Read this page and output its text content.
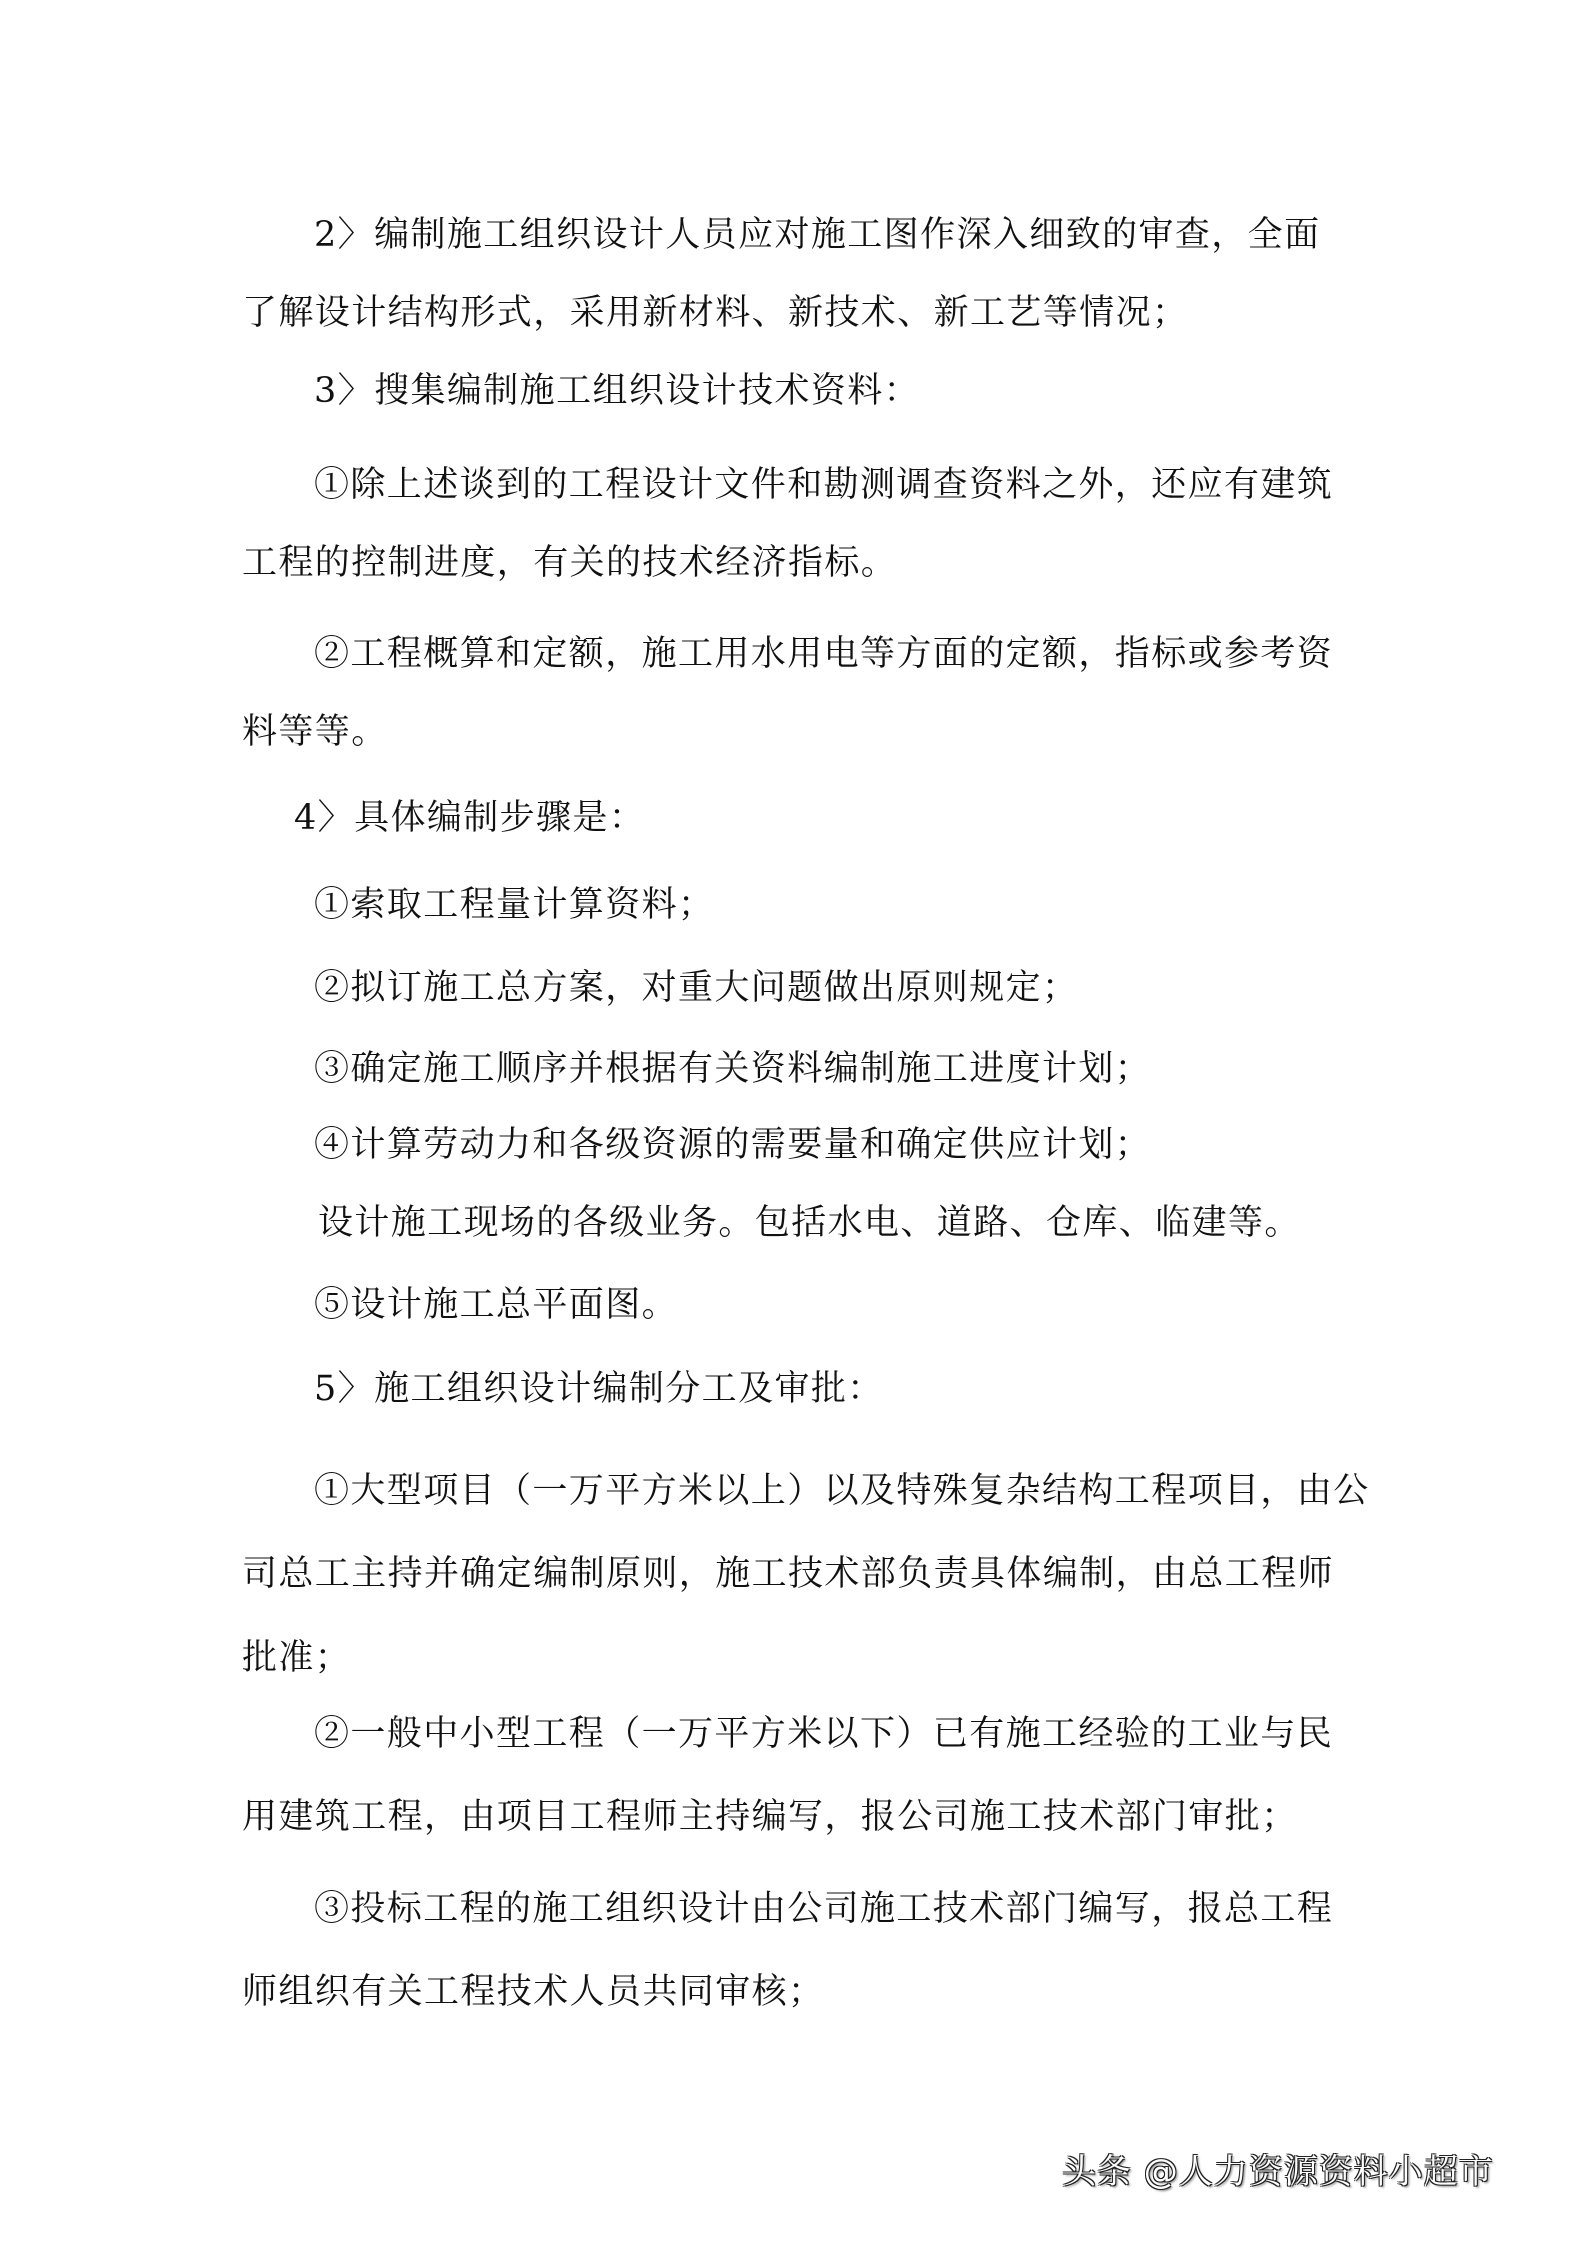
2〉编制施工组织设计人员应对施工图作深入细致的审查，全面
了解设计结构形式，采用新材料、新技术、新工艺等情况；
3〉搜集编制施工组织设计技术资料：
①除上述谈到的工程设计文件和勘测调查资料之外，还应有建筑
工程的控制进度，有关的技术经济指标。
②工程概算和定额，施工用水用电等方面的定额，指标或参考资
料等等。
4〉具体编制步骤是：
①索取工程量计算资料；
②拟订施工总方案，对重大问题做出原则规定；
③确定施工顺序并根据有关资料编制施工进度计划；
④计算劳动力和各级资源的需要量和确定供应计划；
设计施工现场的各级业务。包括水电、道路、仓库、临建等。
⑤设计施工总平面图。
5〉施工组织设计编制分工及审批：
①大型项目（一万平方米以上）以及特殊复杂结构工程项目，由公
司总工主持并确定编制原则，施工技术部负责具体编制，由总工程师
批准；
②一般中小型工程（一万平方米以下）已有施工经验的工业与民
用建筑工程，由项目工程师主持编写，报公司施工技术部门审批；
③投标工程的施工组织设计由公司施工技术部门编写，报总工程
师组织有关工程技术人员共同审核；
头条 @人力资源资料小超市
